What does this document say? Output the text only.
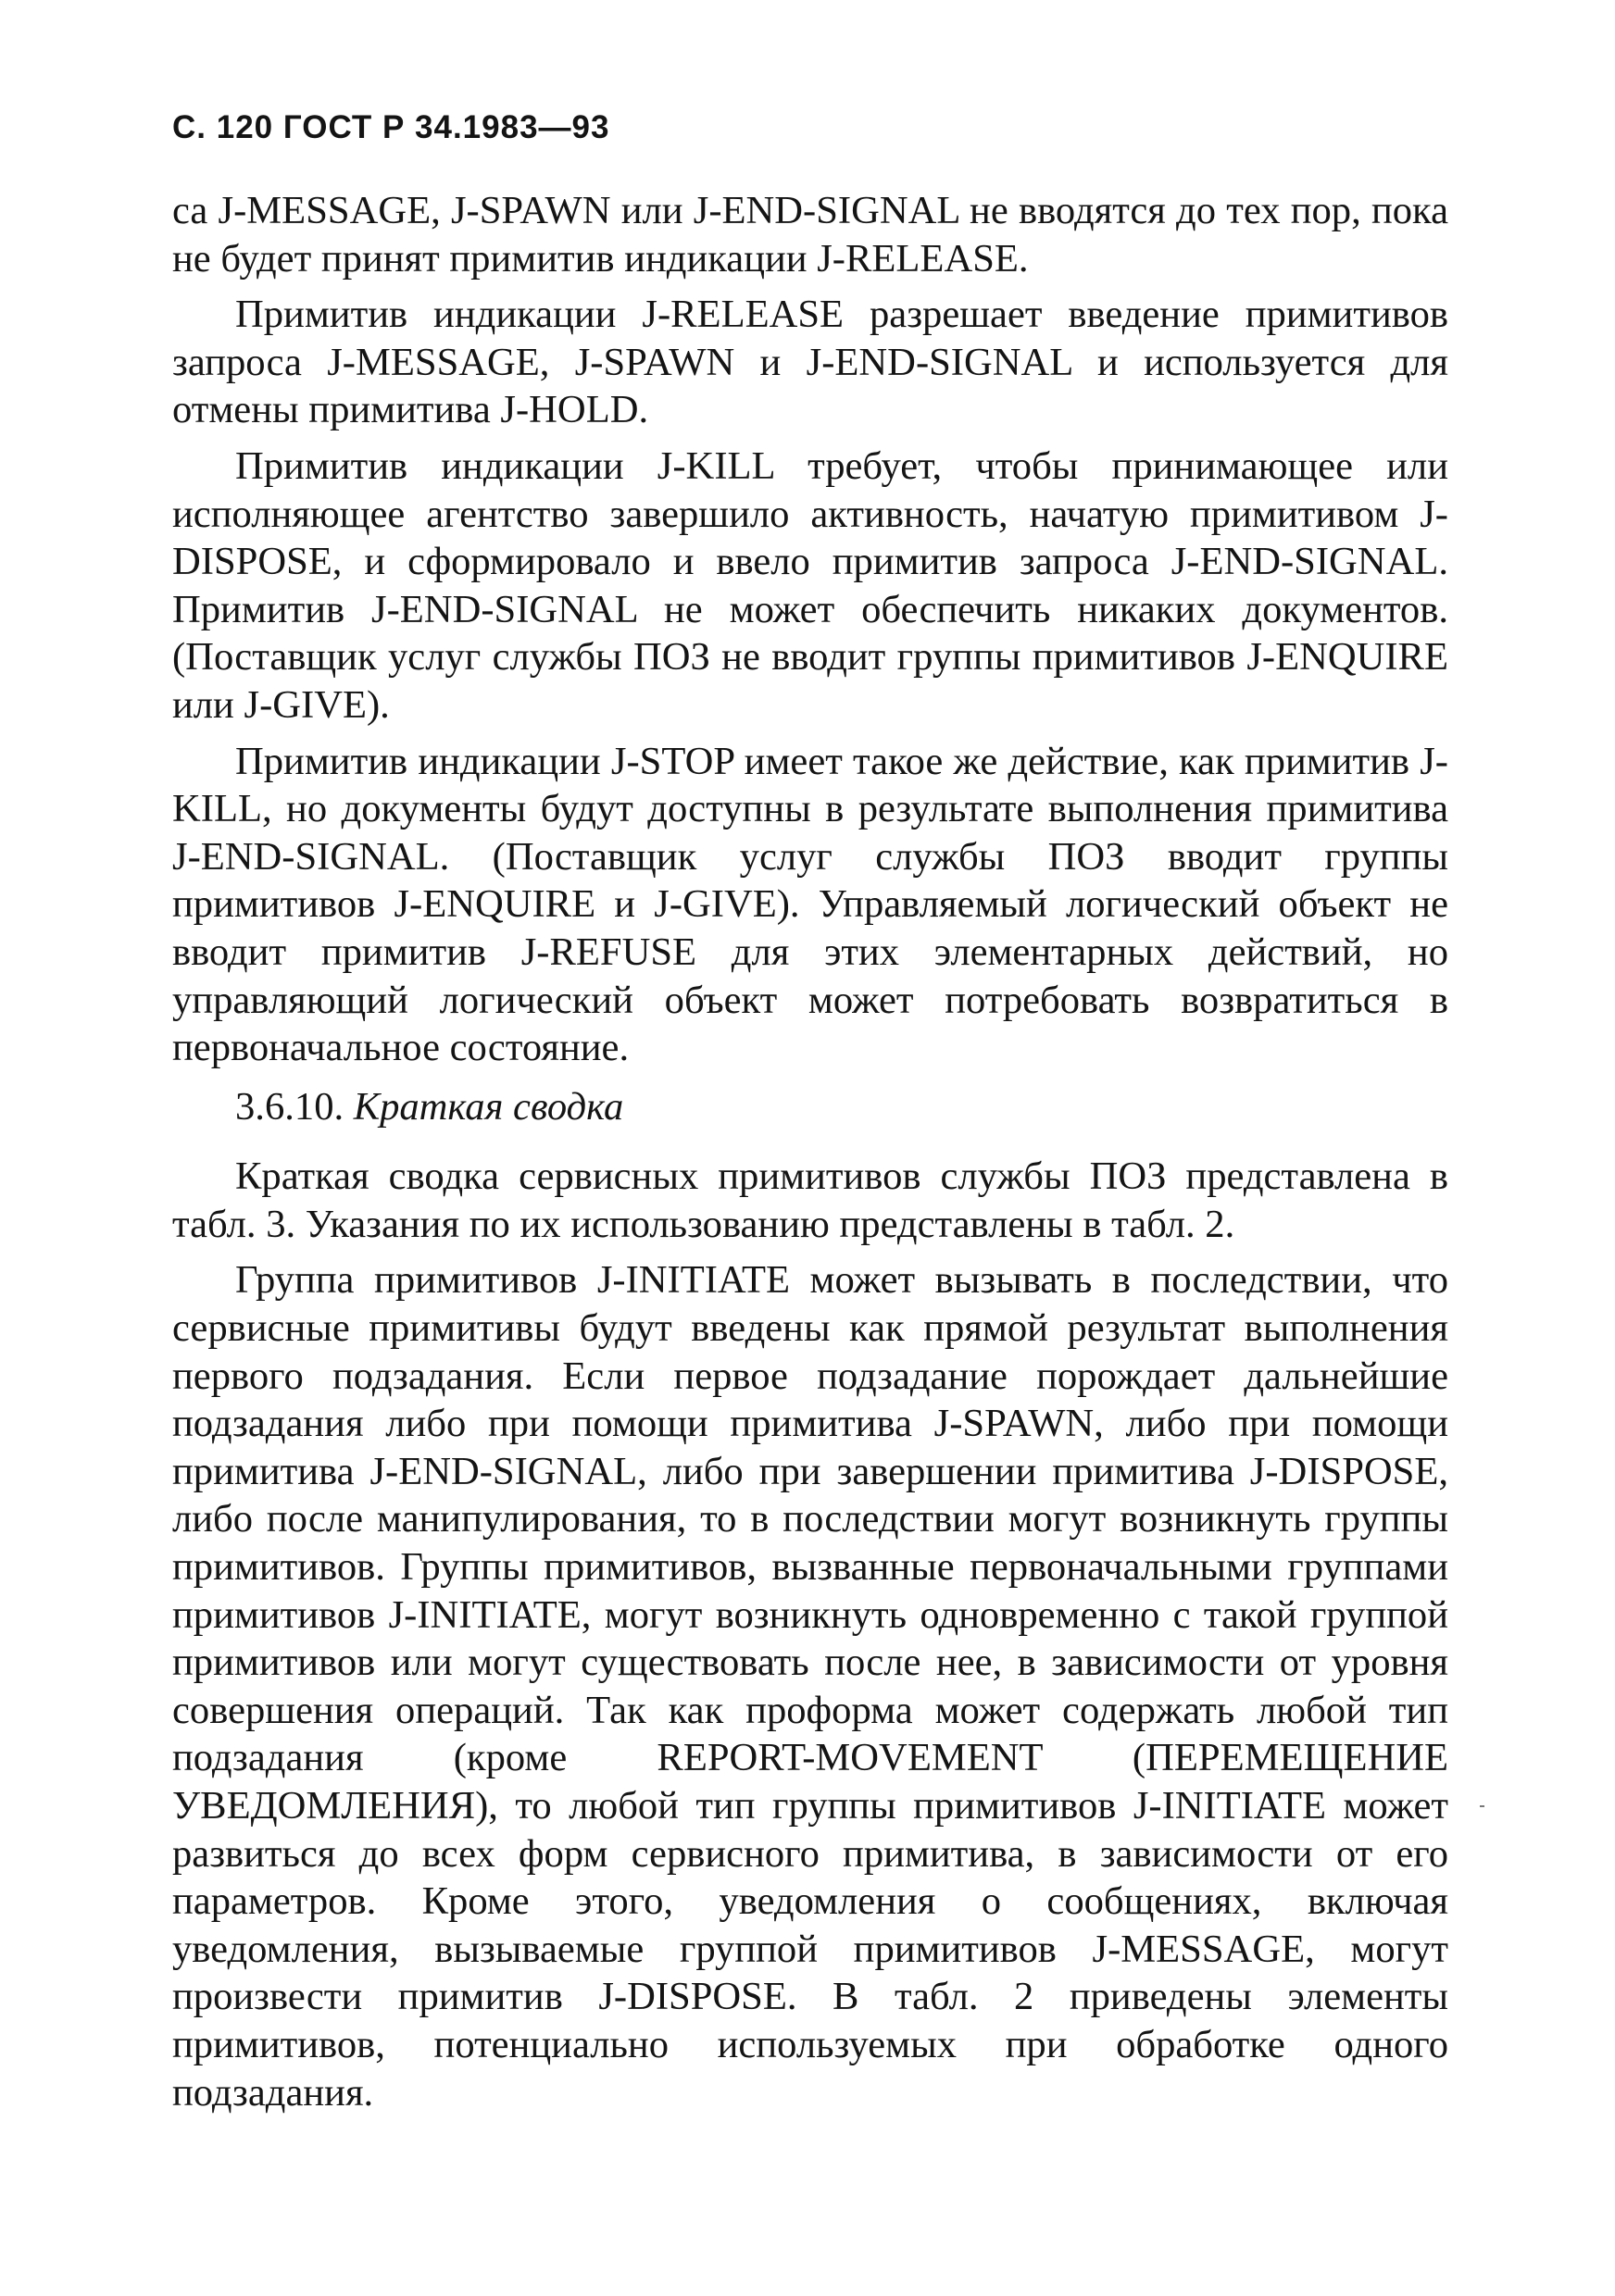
С. 120 ГОСТ Р 34.1983—93

са J-MESSAGE, J-SPAWN или J-END-SIGNAL не вводятся до тех пор, пока не будет принят примитив индикации J-RELEASE.

Примитив индикации J-RELEASE разрешает введение примитивов запроса J-MESSAGE, J-SPAWN и J-END-SIGNAL и используется для отмены примитива J-HOLD.

Примитив индикации J-KILL требует, чтобы принимающее или исполняющее агентство завершило активность, начатую примитивом J-DISPOSE, и сформировало и ввело примитив запроса J-END-SIGNAL. Примитив J-END-SIGNAL не может обеспечить никаких документов. (Поставщик услуг службы ПОЗ не вводит группы примитивов J-ENQUIRE или J-GIVE).

Примитив индикации J-STOP имеет такое же действие, как примитив J-KILL, но документы будут доступны в результате выполнения примитива J-END-SIGNAL. (Поставщик услуг службы ПОЗ вводит группы примитивов J-ENQUIRE и J-GIVE). Управляемый логический объект не вводит примитив J-REFUSE для этих элементарных действий, но управляющий логический объект может потребовать возвратиться в первоначальное состояние.

3.6.10. Краткая сводка

Краткая сводка сервисных примитивов службы ПОЗ представлена в табл. 3. Указания по их использованию представлены в табл. 2.

Группа примитивов J-INITIATE может вызывать в последствии, что сервисные примитивы будут введены как прямой результат выполнения первого подзадания. Если первое подзадание порождает дальнейшие подзадания либо при помощи примитива J-SPAWN, либо при помощи примитива J-END-SIGNAL, либо при завершении примитива J-DISPOSE, либо после манипулирования, то в последствии могут возникнуть группы примитивов. Группы примитивов, вызванные первоначальными группами примитивов J-INITIATE, могут возникнуть одновременно с такой группой примитивов или могут существовать после нее, в зависимости от уровня совершения операций. Так как проформа может содержать любой тип подзадания (кроме REPORT-MOVEMENT (ПЕРЕМЕЩЕНИЕ УВЕДОМЛЕНИЯ), то любой тип группы примитивов J-INITIATE может развиться до всех форм сервисного примитива, в зависимости от его параметров. Кроме этого, уведомления о сообщениях, включая уведомления, вызываемые группой примитивов J-MESSAGE, могут произвести примитив J-DISPOSE. В табл. 2 приведены элементы примитивов, потенциально используемых при обработке одного подзадания.
